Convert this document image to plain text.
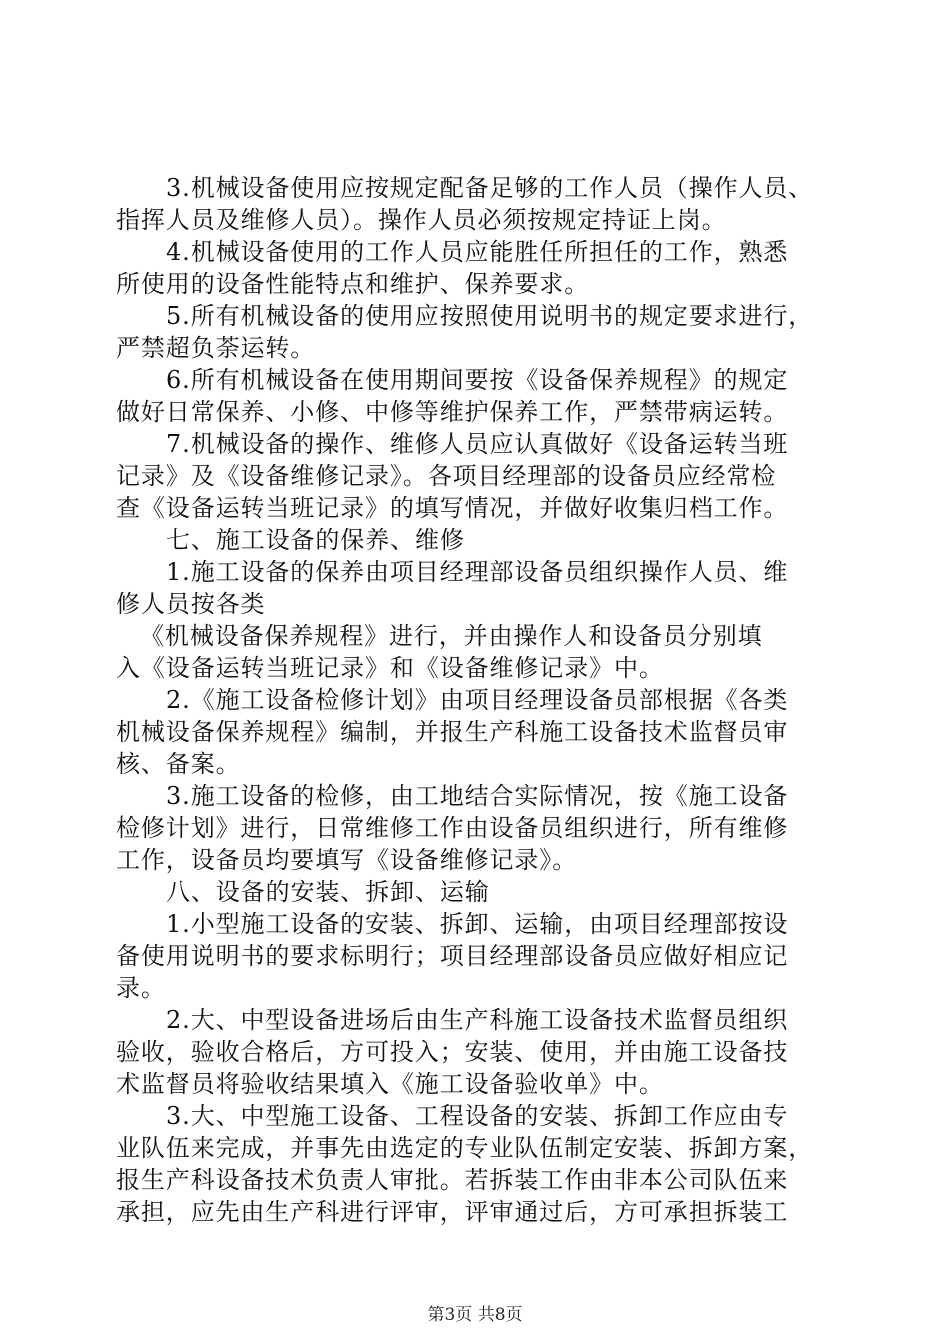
3.机械设备使用应按规定配备足够的工作人员（操作人员、
指挥人员及维修人员）。操作人员必须按规定持证上岗。
4.机械设备使用的工作人员应能胜任所担任的工作，熟悉
所使用的设备性能特点和维护、保养要求。
5.所有机械设备的使用应按照使用说明书的规定要求进行，
严禁超负荼运转。
6.所有机械设备在使用期间要按《设备保养规程》的规定
做好日常保养、小修、中修等维护保养工作，严禁带病运转。
7.机械设备的操作、维修人员应认真做好《设备运转当班
记录》及《设备维修记录》。各项目经理部的设备员应经常检
查《设备运转当班记录》的填写情况，并做好收集归档工作。
七、施工设备的保养、维修
1.施工设备的保养由项目经理部设备员组织操作人员、维
修人员按各类
《机械设备保养规程》进行，并由操作人和设备员分别填
入《设备运转当班记录》和《设备维修记录》中。
2.《施工设备检修计划》由项目经理设备员部根据《各类
机械设备保养规程》编制，并报生产科施工设备技术监督员审
核、备案。
3.施工设备的检修，由工地结合实际情况，按《施工设备
检修计划》进行，日常维修工作由设备员组织进行，所有维修
工作，设备员均要填写《设备维修记录》。
八、设备的安装、拆卸、运输
1.小型施工设备的安装、拆卸、运输，由项目经理部按设
备使用说明书的要求标明行；项目经理部设备员应做好相应记
录。
2.大、中型设备进场后由生产科施工设备技术监督员组织
验收，验收合格后，方可投入；安装、使用，并由施工设备技
术监督员将验收结果填入《施工设备验收单》中。
3.大、中型施工设备、工程设备的安装、拆卸工作应由专
业队伍来完成，并事先由选定的专业队伍制定安装、拆卸方案，
报生产科设备技术负责人审批。若拆装工作由非本公司队伍来
承担，应先由生产科进行评审，评审通过后，方可承担拆装工
第3页 共8页
